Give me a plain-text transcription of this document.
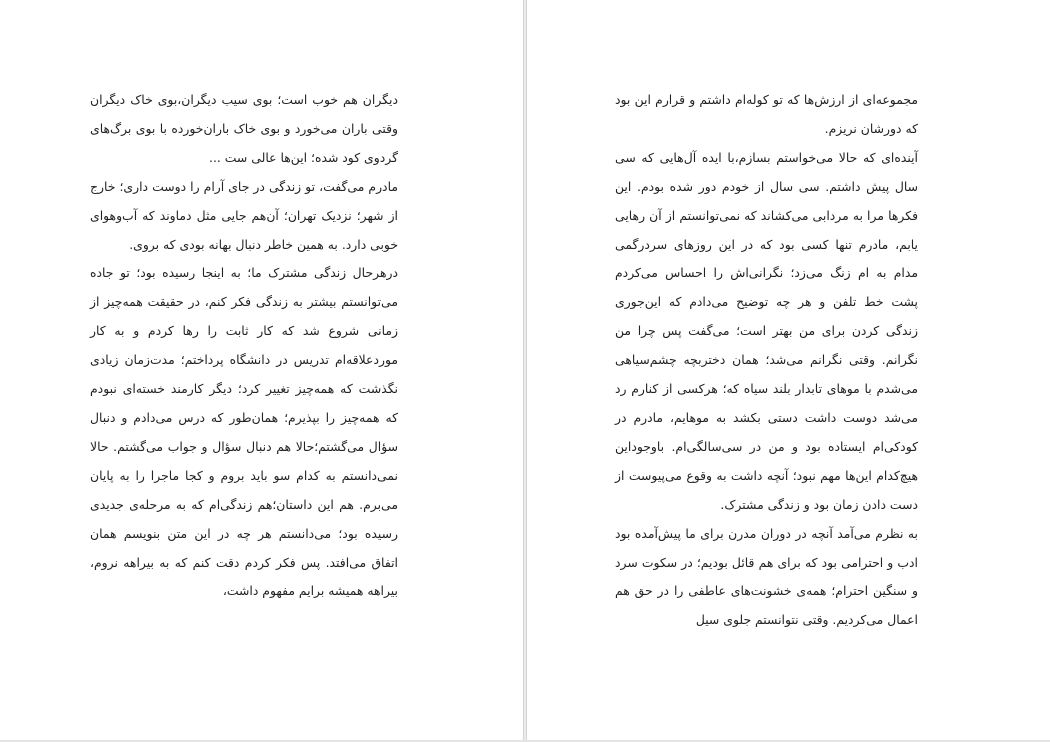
دیگران هم خوب است؛ بوی سیب دیگران،بوی خاک دیگران وقتی باران می‌خورد و بوی خاک باران‌خورده با بوی برگ‌های گردوی کود شده؛ این‌ها عالی ست ...

مادرم می‌گفت، تو زندگی در جای آرام را دوست داری؛ خارج از شهر؛ نزدیک تهران؛ آن‌هم جایی مثل دماوند که آب‌وهوای خوبی دارد. به همین خاطر دنبال بهانه بودی که بروی.

درهرحال زندگی مشترک ما؛ به اینجا رسیده بود؛ تو جاده می‌توانستم بیشتر به زندگی فکر کنم، در حقیقت همه‌چیز از زمانی شروع شد که کار ثابت را رها کردم و به کار موردعلاقه‌ام تدریس در دانشگاه پرداختم؛ مدت‌زمان زیادی نگذشت که همه‌چیز تغییر کرد؛ دیگر کارمند خسته‌ای نبودم که همه‌چیز را بپذیرم؛ همان‌طور که درس می‌دادم و دنبال سؤال می‌گشتم؛حالا هم دنبال سؤال و جواب می‌گشتم. حالا نمی‌دانستم به کدام سو باید بروم و کجا ماجرا را به پایان می‌برم. هم این داستان؛هم زندگی‌ام که به مرحله‌ی جدیدی رسیده بود؛ می‌دانستم هر چه در این متن بنویسم همان اتفاق می‌افتد. پس فکر کردم دقت کنم که به بیراهه نروم، بیراهه همیشه برایم مفهوم داشت،

مجموعه‌ای از ارزش‌ها که تو کوله‌ام داشتم و قرارم این بود که دورشان نریزم.

آینده‌ای که حالا می‌خواستم بسازم،با ایده آل‌هایی که سی سال پیش داشتم. سی سال از خودم دور شده بودم. این فکرها مرا به مردابی می‌کشاند که نمی‌توانستم از آن رهایی یابم، مادرم تنها کسی بود که در این روزهای سردرگمی مدام به ام زنگ می‌زد؛ نگرانی‌اش را احساس می‌کردم پشت خط تلفن و هر چه توضیح می‌دادم که این‌جوری زندگی کردن برای من بهتر است؛ می‌گفت پس چرا من نگرانم. وقتی نگرانم می‌شد؛ همان دختربچه چشم‌سیاهی می‌شدم با موهای تابدار بلند سیاه که؛ هرکسی از کنارم رد می‌شد دوست داشت دستی بکشد به موهایم، مادرم در کودکی‌ام ایستاده بود و من در سی‌سالگی‌ام. باوجوداین هیچ‌کدام این‌ها مهم نبود؛ آنچه داشت به وقوع می‌پیوست از دست دادن زمان بود و زندگی مشترک.

به نظرم می‌آمد آنچه در دوران مدرن برای ما پیش‌آمده بود ادب و احترامی بود که برای هم قائل بودیم؛ در سکوت سرد و سنگین احترام؛ همه‌ی خشونت‌های عاطفی را در حق هم اعمال می‌کردیم. وقتی نتوانستم جلوی سیل
